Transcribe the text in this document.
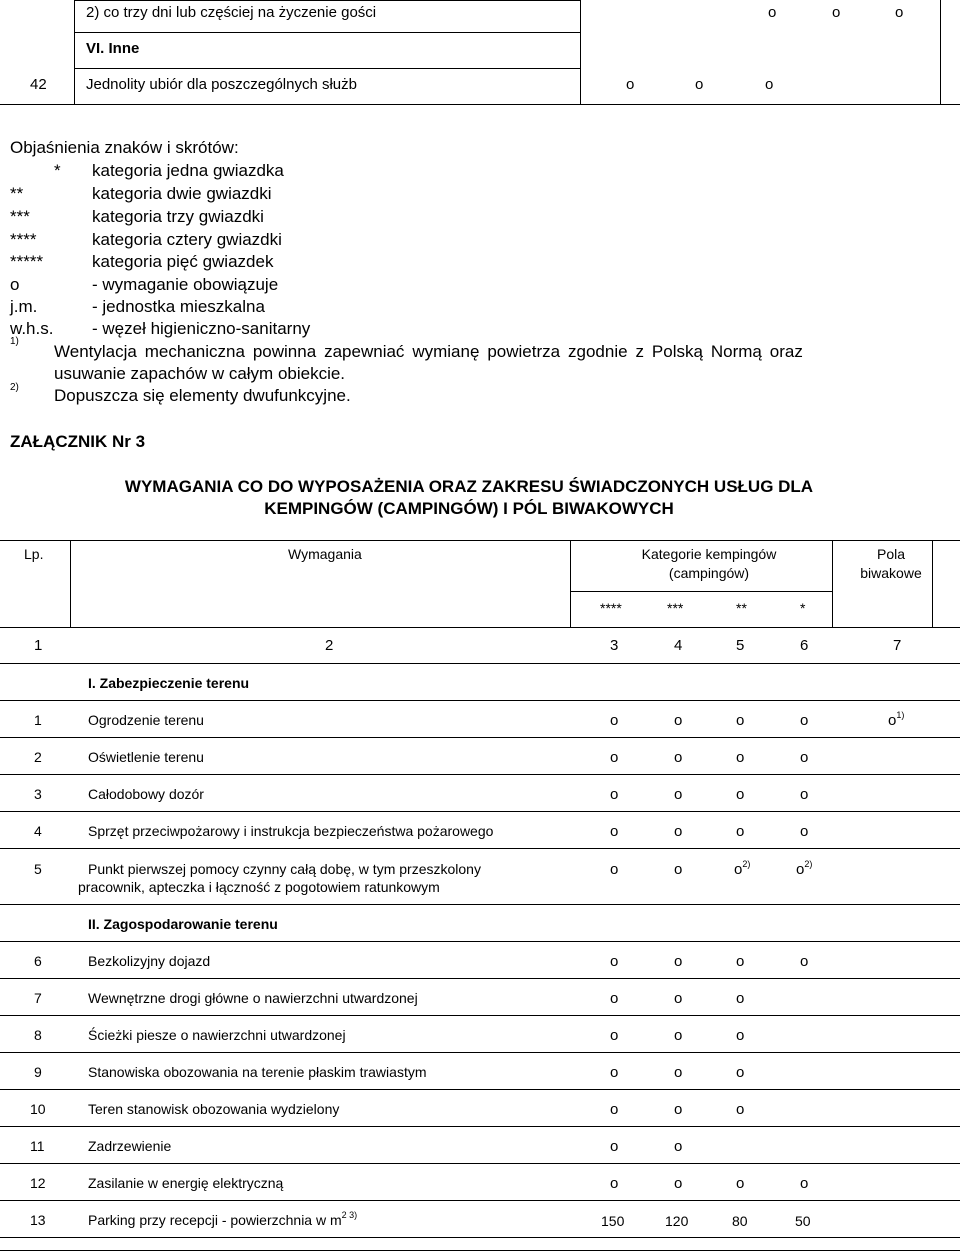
2) co trzy dni lub częściej na życzenie gości	o	o	o
VI. Inne
42	Jednolity ubiór dla poszczególnych służb	o	o	o
Objaśnienia znaków i skrótów:
* kategoria jedna gwiazdka
**	kategoria dwie gwiazdki
***	kategoria trzy gwiazdki
****	kategoria cztery gwiazdki
*****	kategoria pięć gwiazdek
o	- wymaganie obowiązuje
j.m.	- jednostka mieszkalna
w.h.s. - węzeł higieniczno-sanitarny
1)
Wentylacja mechaniczna powinna zapewniać wymianę powietrza zgodnie z Polską Normą oraz
usuwanie zapachów w całym obiekcie.
2) Dopuszcza się elementy dwufunkcyjne.
ZAŁĄCZNIK Nr 3
WYMAGANIA CO DO WYPOSAŻENIA ORAZ ZAKRESU ŚWIADCZONYCH USŁUG DLA
KEMPINGÓW (CAMPINGÓW) I PÓL BIWAKOWYCH
Lp.	Wymagania	Kategorie kempingów
(campingów)
Pola
biwakowe
****	***	**	*
1	2	3	4	5	6	7
I. Zabezpieczenie terenu
1	Ogrodzenie terenu	o	o	o	o	$o^{1)}$
2	Oświetlenie terenu	o	o	o	o
3	Całodobowy dozór	o	o	o	o
4	Sprzęt przeciwpożarowy i instrukcja bezpieczeństwa pożarowego	o	o	o	o
5	Punkt pierwszej pomocy czynny całą dobę, w tym przeszkolony
pracownik, apteczka i łączność z pogotowiem ratunkowym
o	o	$o^{2)}$	$o^{2)}$
II. Zagospodarowanie terenu
6	Bezkolizyjny dojazd	o	o	o	o
7	Wewnętrzne drogi główne o nawierzchni utwardzonej	o	o	o
8	Ścieżki piesze o nawierzchni utwardzonej	o	o	o
9	Stanowiska obozowania na terenie płaskim trawiastym	o	o	o
10	Teren stanowisk obozowania wydzielony	o	o	o
11	Zadrzewienie	o	o
12	Zasilanie w energię elektryczną	o	o	o	o
13	Parking przy recepcji - powierzchnia w $m^{2 3)}$	150	120	80	50
